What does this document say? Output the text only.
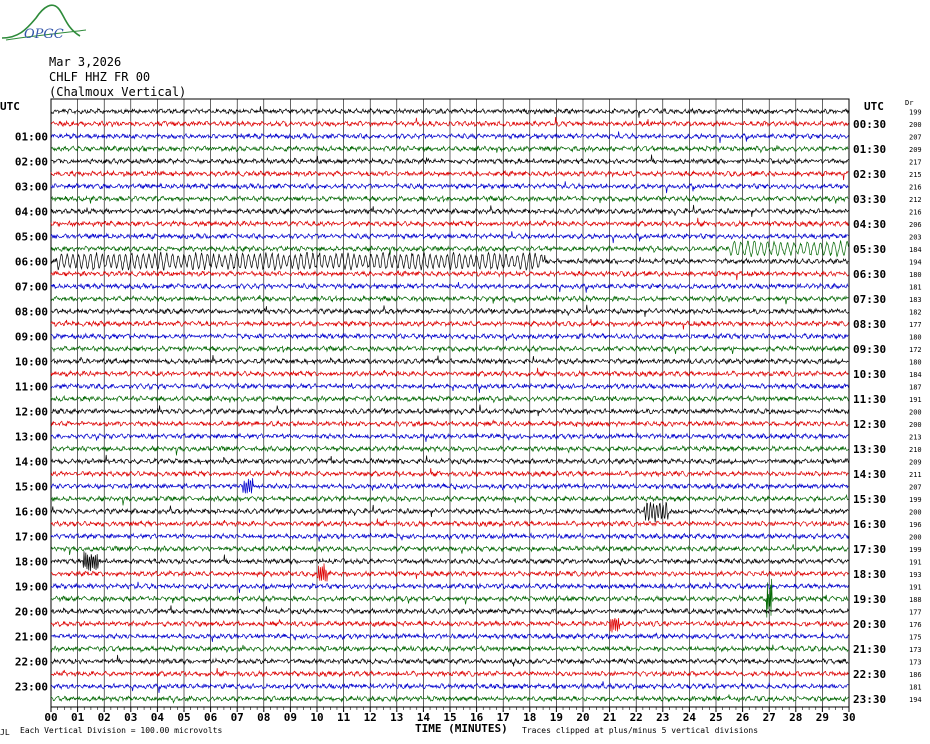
OPGC
Mar 3,2026
CHLF HHZ FR 00
(Chalmoux Vertical)
00 01 02 03 04 05 06 07 08 09 10 11 12 13 14 15 16 17 18 19 20 21 22 23 24 25 26 27 28 29 30
UTC	UTC	Dr
199
00:30	200
207
01:00
01:30	209
217
02:00
02:30	215
216
03:00
03:30	212
216
04:00
04:30	206
203
05:00
05:30	184
194
06:00
06:30	180
181
07:00
07:30	183
182
08:00
08:30	177
180
09:00
09:30	172
180
10:00
10:30	184
187
11:00
11:30	191
200
12:00
12:30	200
213
13:00
13:30	210
209
14:00
14:30	211
207
15:00
15:30	199
200
16:00
16:30	196
200
17:00
17:30	199
191
18:00
18:30	193
191
19:00
19:30	188
177
20:00
20:30	176
175
21:00
21:30	173
173
22:00
22:30	186
181
23:00
23:30	194
JL Each Vertical Division = 100.00 microvolts	TIME (MINUTES) Traces clipped at plus/minus 5 vertical divisions
